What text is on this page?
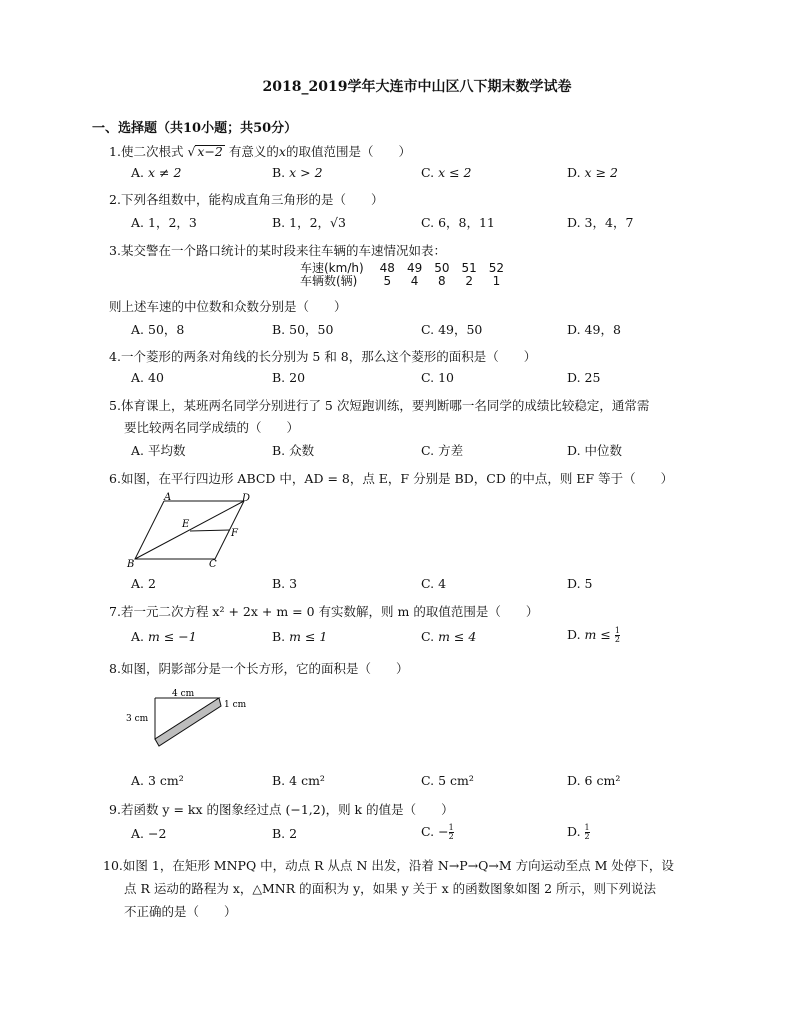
2018_2019学年大连市中山区八下期末数学试卷
一、选择题（共10小题；共50分）
1.使二次根式 √ x−2 有意义的x的取值范围是（　　）
A. x ≠ 2	B. x > 2	C. x ≤ 2	D. x ≥ 2
2.下列各组数中，能构成直角三角形的是（　　）
A. 1，2，3	B. 1，2，√3	C. 6，8，11	D. 3，4，7
3.某交警在一个路口统计的某时段来往车辆的车速情况如表：
车速(km/h)	48	49	50	51	52
车辆数(辆)	5	4	8	2	1
则上述车速的中位数和众数分别是（　　）
A. 50，8	B. 50，50	C. 49，50	D. 49，8
4.一个菱形的两条对角线的长分别为 5 和 8，那么这个菱形的面积是（　　）
A. 40	B. 20	C. 10	D. 25
5.体育课上，某班两名同学分别进行了 5 次短跑训练，要判断哪一名同学的成绩比较稳定，通常需
要比较两名同学成绩的（　　）
A. 平均数	B. 众数	C. 方差	D. 中位数
6.如图，在平行四边形 ABCD 中，AD = 8，点 E，F 分别是 BD，CD 的中点，则 EF 等于（　　）
A	D
B	C
E
F
A. 2	B. 3	C. 4	D. 5
7.若一元二次方程 x² + 2x + m = 0 有实数解，则 m 的取值范围是（　　）
A. m ≤ −1	B. m ≤ 1	C. m ≤ 4	D. $m \le \frac{1}{2}$
8.如图，阴影部分是一个长方形，它的面积是（　　）
4 cm
3 cm
1 cm
A. 3 cm²	B. 4 cm²	C. 5 cm²	D. 6 cm²
9.若函数 y = kx 的图象经过点 (−1,2)，则 k 的值是（　　）
A. −2	B. 2	C. − $\frac{1}{2}$	D. $\frac{1}{2}$
10.如图 1，在矩形 MNPQ 中，动点 R 从点 N 出发，沿着 N→P→Q→M 方向运动至点 M 处停下，设
点 R 运动的路程为 x，△MNR 的面积为 y，如果 y 关于 x 的函数图象如图 2 所示，则下列说法
不正确的是（　　）
